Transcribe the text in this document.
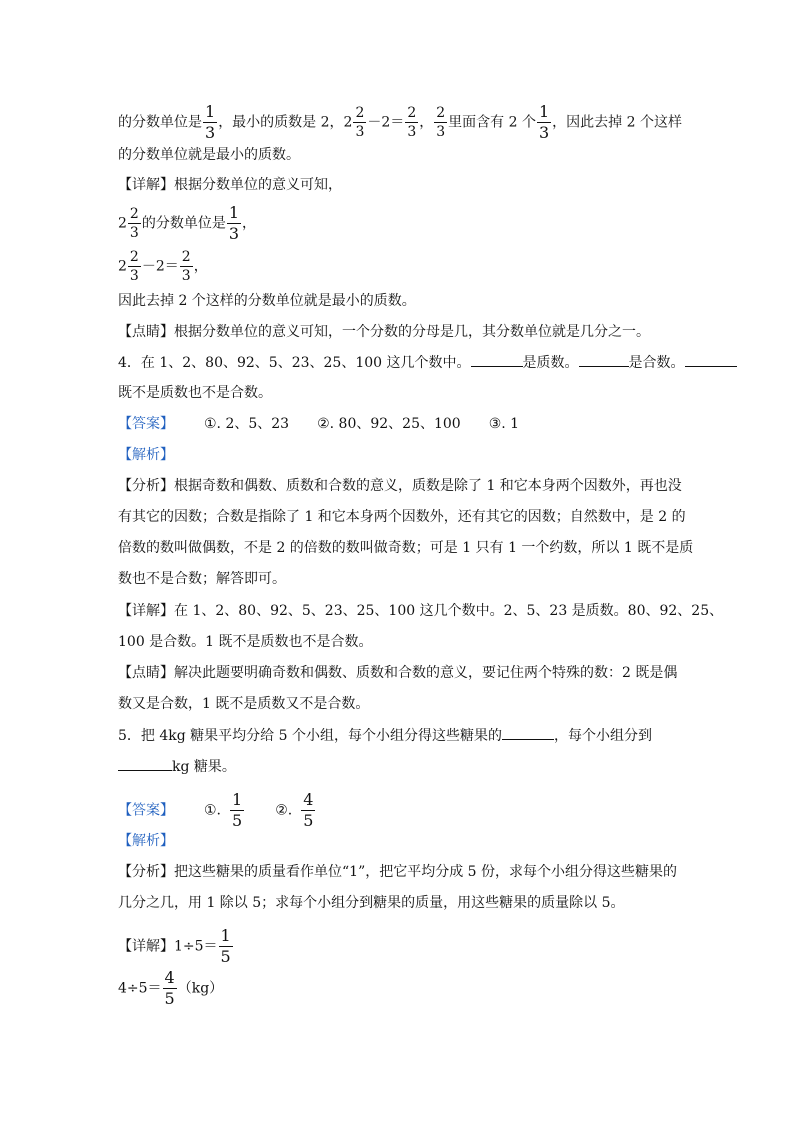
的分数单位是 $\frac{1}{3}$ ，最小的质数是 2，$2 \frac{2}{3} -2= \frac{2}{3}$ ， $\frac{2}{3}$ 里面含有 2 个 $\frac{1}{3}$ ，因此去掉 2 个这样
的分数单位就是最小的质数。
【详解】根据分数单位的意义可知，
$2 \frac{2}{3}$ 的分数单位是 $\frac{1}{3}$ ，
$2 \frac{2}{3} -2= \frac{2}{3}$ ，
因此去掉 2 个这样的分数单位就是最小的质数。
【点睛】根据分数单位的意义可知，一个分数的分母是几，其分数单位就是几分之一。
4．在 1、2、80、92、5、23、25、100 这几个数中。	是质数。	是合数。
既不是质数也不是合数。
【答案】 ①. 2、5、23 ②. 80、92、25、100 ③. 1
【解析】
【分析】根据奇数和偶数、质数和合数的意义，质数是除了 1 和它本身两个因数外，再也没
有其它的因数；合数是指除了 1 和它本身两个因数外，还有其它的因数；自然数中，是 2 的
倍数的数叫做偶数，不是 2 的倍数的数叫做奇数；可是 1 只有 1 一个约数，所以 1 既不是质
数也不是合数；解答即可。
【详解】在 1、2、80、92、5、23、25、100 这几个数中。2、5、23 是质数。80、92、25、
100 是合数。1 既不是质数也不是合数。
【点睛】解决此题要明确奇数和偶数、质数和合数的意义，要记住两个特殊的数：2 既是偶
数又是合数，1 既不是质数又不是合数。
5．把 4kg 糖果平均分给 5 个小组，每个小组分得这些糖果的	，每个小组分到
kg 糖果。
【答案】 ①. $\frac{1}{5}$ ②. $\frac{4}{5}$
【解析】
【分析】把这些糖果的质量看作单位“1”，把它平均分成 5 份，求每个小组分得这些糖果的
几分之几，用 1 除以 5；求每个小组分到糖果的质量，用这些糖果的质量除以 5。
【详解】$1\div 5= \frac{1}{5}$
$4\div 5= \frac{4}{5} (kg)$
